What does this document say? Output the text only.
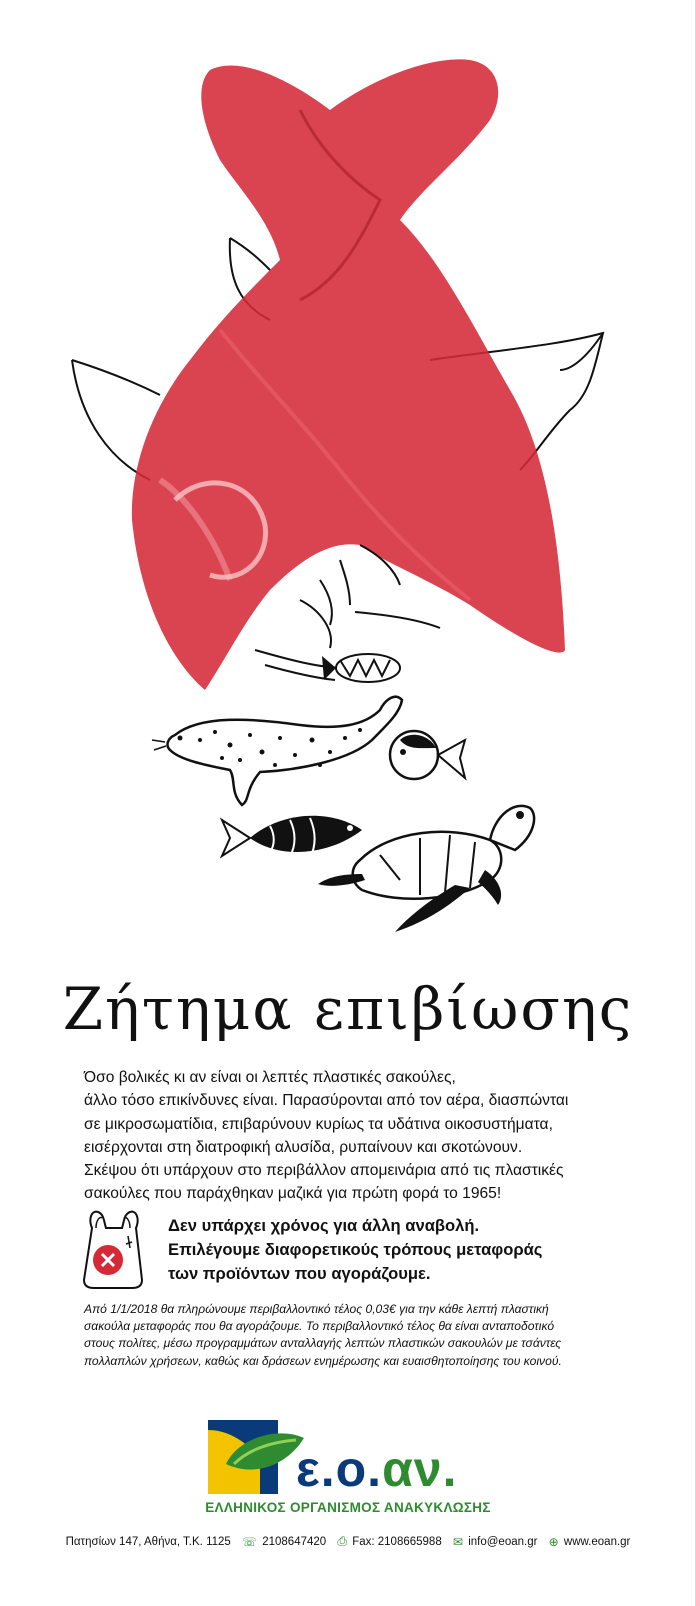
Ζήτημα επιβίωσης
Όσο βολικές κι αν είναι οι λεπτές πλαστικές σακούλες,
άλλο τόσο επικίνδυνες είναι. Παρασύρονται από τον αέρα, διασπώνται
σε μικροσωματίδια, επιβαρύνουν κυρίως τα υδάτινα οικοσυστήματα,
εισέρχονται στη διατροφική αλυσίδα, ρυπαίνουν και σκοτώνουν.
Σκέψου ότι υπάρχουν στο περιβάλλον απομεινάρια από τις πλαστικές
σακούλες που παράχθηκαν μαζικά για πρώτη φορά το 1965!
Δεν υπάρχει χρόνος για άλλη αναβολή.
Επιλέγουμε διαφορετικούς τρόπους μεταφοράς
των προϊόντων που αγοράζουμε.
Από 1/1/2018 θα πληρώνουμε περιβαλλοντικό τέλος 0,03€ για την κάθε λεπτή πλαστική
σακούλα μεταφοράς που θα αγοράζουμε. Το περιβαλλοντικό τέλος θα είναι ανταποδοτικό
στους πολίτες, μέσω προγραμμάτων ανταλλαγής λεπτών πλαστικών σακουλών με τσάντες
πολλαπλών χρήσεων, καθώς και δράσεων ενημέρωσης και ευαισθητοποίησης του κοινού.
ε.ο.αν.
ΕΛΛΗΝΙΚΟΣ ΟΡΓΑΝΙΣΜΟΣ ΑΝΑΚΥΚΛΩΣΗΣ
Πατησίων 147, Αθήνα, Τ.Κ. 1125 ☏ 2108647420 ⎙ Fax: 2108665988 ✉ info@eoan.gr ⊕ www.eoan.gr
